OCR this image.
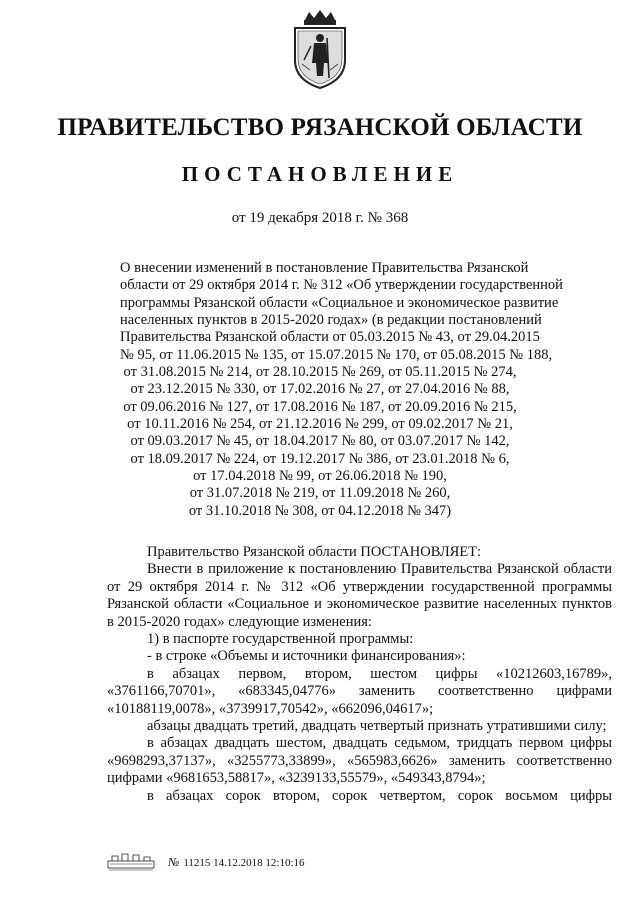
ПРАВИТЕЛЬСТВО РЯЗАНСКОЙ ОБЛАСТИ
ПОСТАНОВЛЕНИЕ
от 19 декабря 2018 г. № 368
О внесении изменений в постановление Правительства Рязанской
области от 29 октября 2014 г. № 312 «Об утверждении государственной
программы Рязанской области «Социальное и экономическое развитие
населенных пунктов в 2015-2020 годах» (в редакции постановлений
Правительства Рязанской области от 05.03.2015 № 43, от 29.04.2015
№ 95, от 11.06.2015 № 135, от 15.07.2015 № 170, от 05.08.2015 № 188,
от 31.08.2015 № 214, от 28.10.2015 № 269, от 05.11.2015 № 274,
от 23.12.2015 № 330, от 17.02.2016 № 27, от 27.04.2016 № 88,
от 09.06.2016 № 127, от 17.08.2016 № 187, от 20.09.2016 № 215,
от 10.11.2016 № 254, от 21.12.2016 № 299, от 09.02.2017 № 21,
от 09.03.2017 № 45, от 18.04.2017 № 80, от 03.07.2017 № 142,
от 18.09.2017 № 224, от 19.12.2017 № 386, от 23.01.2018 № 6,
от 17.04.2018 № 99, от 26.06.2018 № 190,
от 31.07.2018 № 219, от 11.09.2018 № 260,
от 31.10.2018 № 308, от 04.12.2018 № 347)

Правительство Рязанской области ПОСТАНОВЛЯЕТ:

Внести в приложение к постановлению Правительства Рязанской области от 29 октября 2014 г. № 312 «Об утверждении государственной программы Рязанской области «Социальное и экономическое развитие населенных пунктов в 2015-2020 годах» следующие изменения:

1) в паспорте государственной программы:

- в строке «Объемы и источники финансирования»:

в абзацах первом, втором, шестом цифры «10212603,16789», «3761166,70701», «683345,04776» заменить соответственно цифрами «10188119,0078», «3739917,70542», «662096,04617»;

абзацы двадцать третий, двадцать четвертый признать утратившими силу;

в абзацах двадцать шестом, двадцать седьмом, тридцать первом цифры «9698293,37137», «3255773,33899», «565983,6626» заменить соответственно цифрами «9681653,58817», «3239133,55579», «549343,8794»;

в абзацах сорок втором, сорок четвертом, сорок восьмом цифры

№ 11215 14.12.2018 12:10:16
